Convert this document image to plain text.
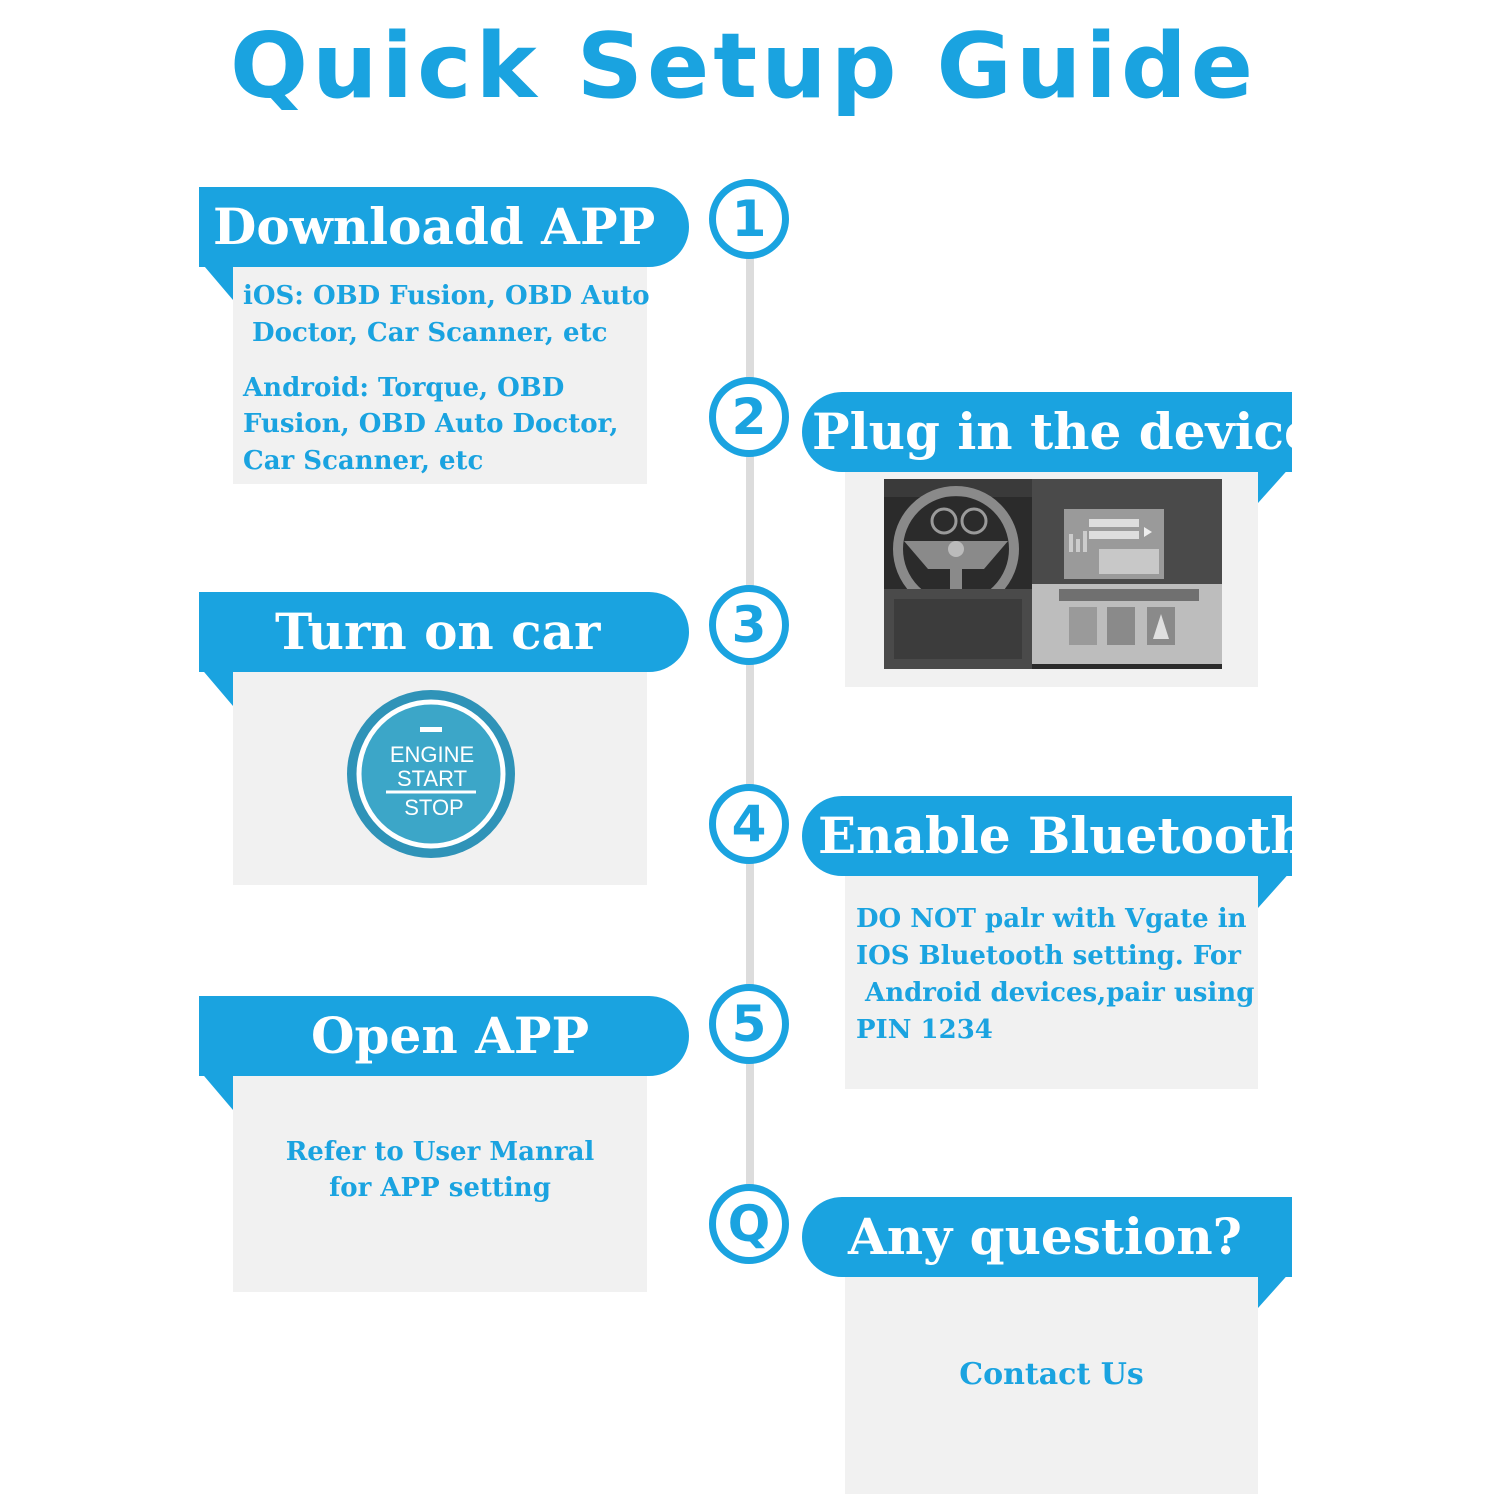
Quick Setup Guide
1
2
3
4
5
Q
Downloadd APP
iOS: OBD Fusion, OBD Auto
Doctor, Car Scanner, etc
Android: Torque, OBD
Fusion, OBD Auto Doctor,
Car Scanner, etc	Plug in the device
Turn on car
ENGINE
START
STOP	Enable Bluetooth
DO NOT palr with Vgate in
IOS Bluetooth setting. For
Android devices,pair using
PIN 1234
Open APP
Refer to User Manral
for APP setting
Any question?
Contact Us
